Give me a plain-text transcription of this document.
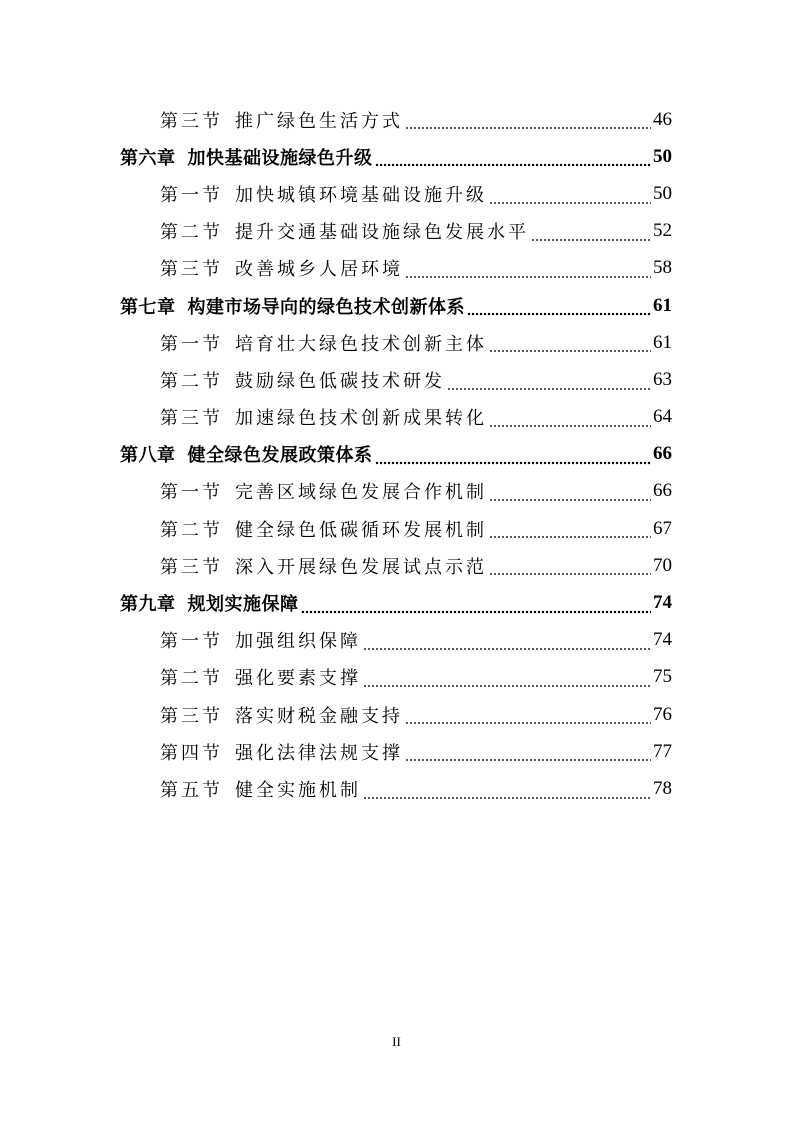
第三节 推广绿色生活方式	46
第六章 加快基础设施绿色升级	50
第一节 加快城镇环境基础设施升级	50
第二节 提升交通基础设施绿色发展水平	52
第三节 改善城乡人居环境	58
第七章 构建市场导向的绿色技术创新体系	61
第一节 培育壮大绿色技术创新主体	61
第二节 鼓励绿色低碳技术研发	63
第三节 加速绿色技术创新成果转化	64
第八章 健全绿色发展政策体系	66
第一节 完善区域绿色发展合作机制	66
第二节 健全绿色低碳循环发展机制	67
第三节 深入开展绿色发展试点示范	70
第九章 规划实施保障	74
第一节 加强组织保障	74
第二节 强化要素支撑	75
第三节 落实财税金融支持	76
第四节 强化法律法规支撑	77
第五节 健全实施机制	78
II
